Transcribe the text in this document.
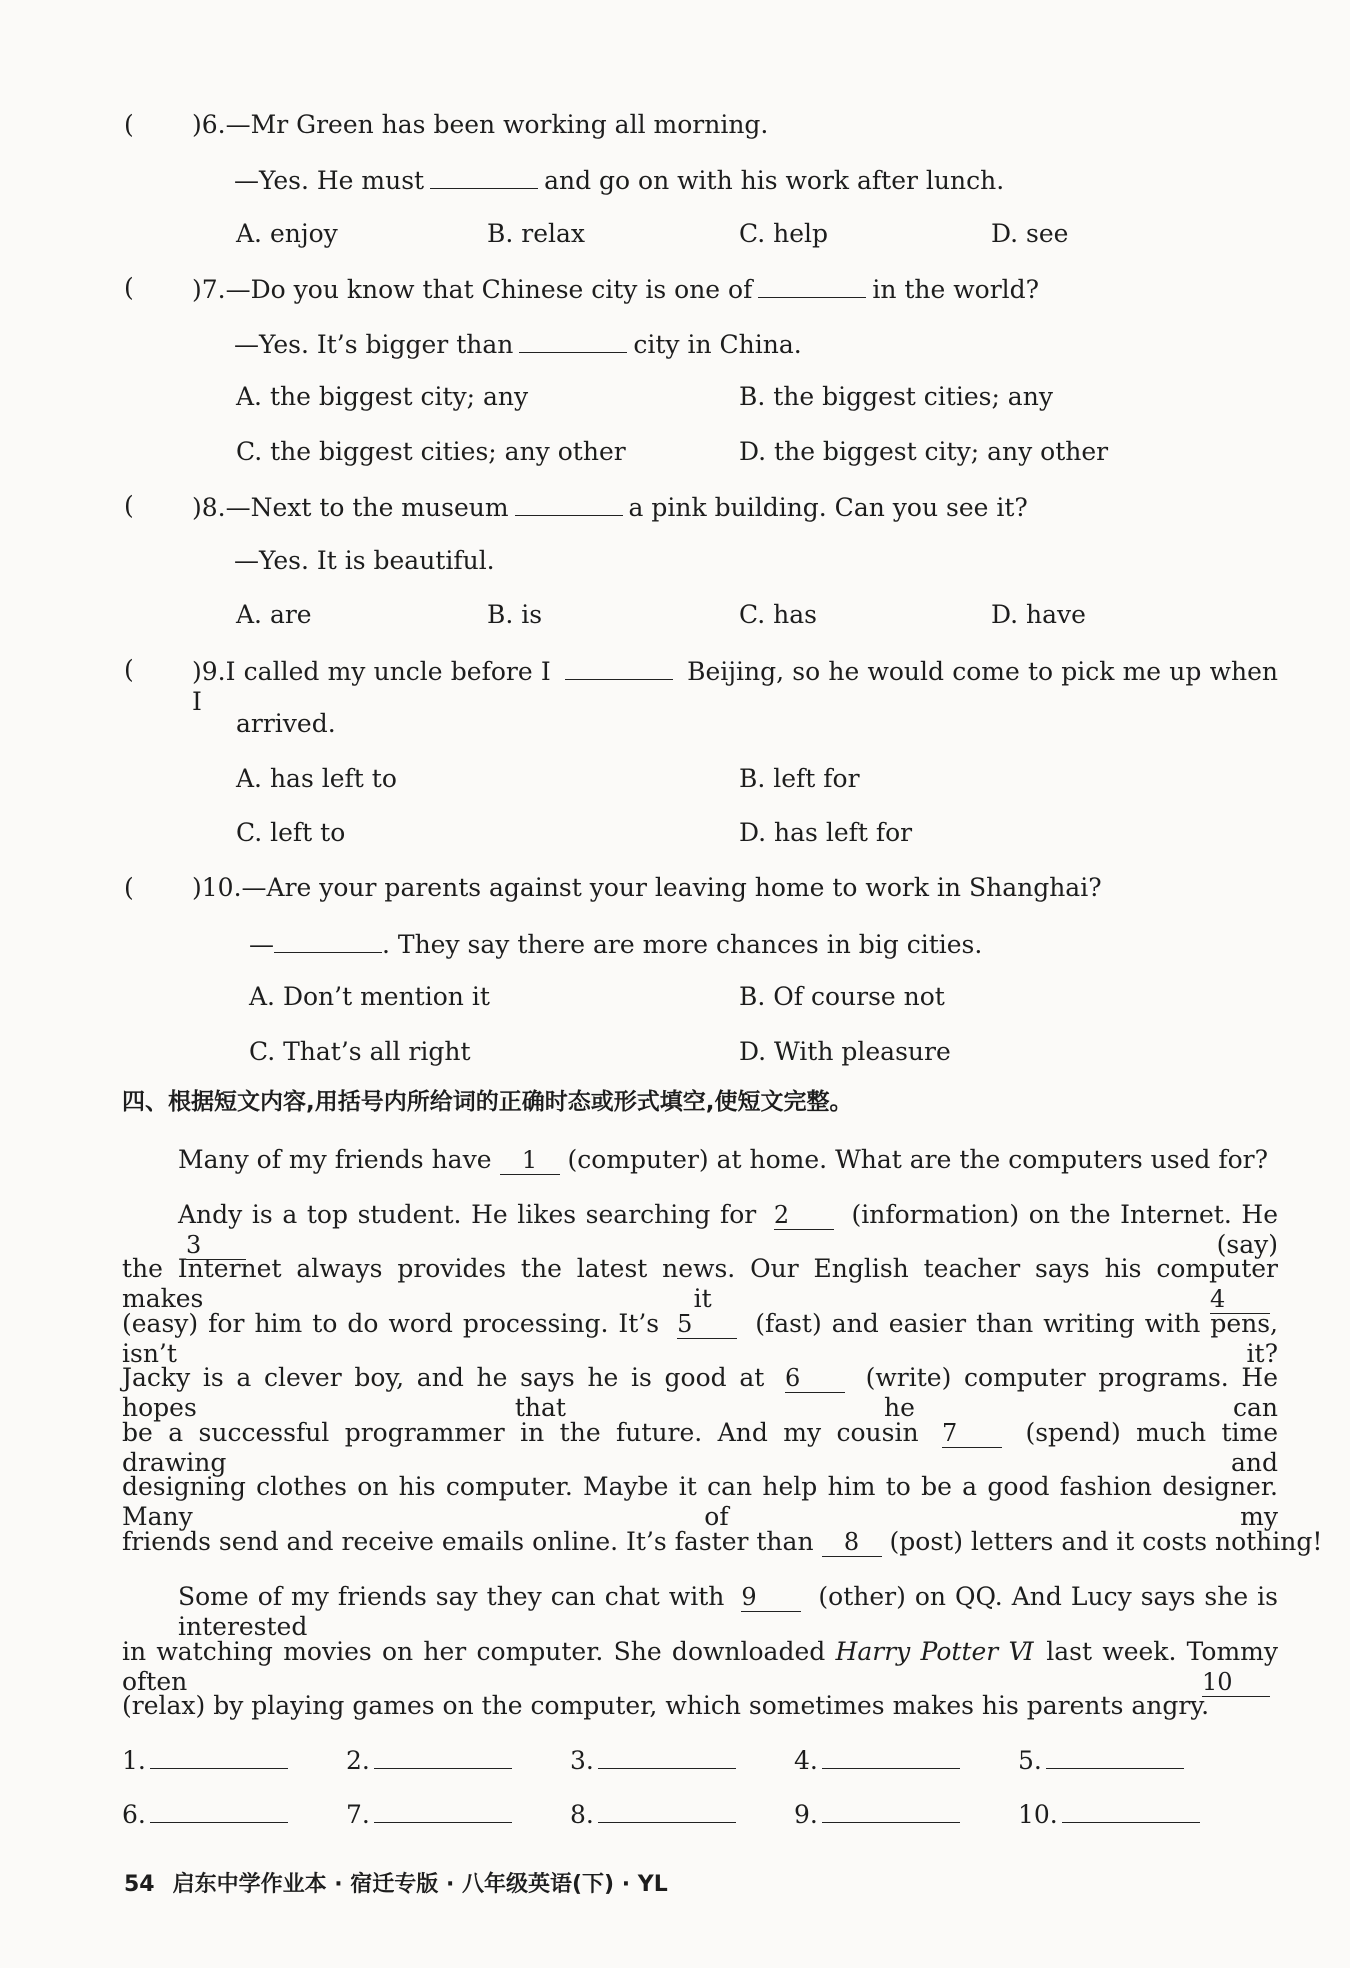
( )6.—Mr Green has been working all morning.
—Yes. He must	and go on with his work after lunch.
A. enjoy	B. relax	C. help	D. see
( )7.—Do you know that Chinese city is one of	in the world?
—Yes. It’s bigger than	city in China.
A. the biggest city; any	B. the biggest cities; any
C. the biggest cities; any other	D. the biggest city; any other
( )8.—Next to the museum	a pink building. Can you see it?
—Yes. It is beautiful.
A. are	B. is	C. has	D. have
( )9.I called my uncle before I	Beijing, so he would come to pick me up when I
arrived.
A. has left to	B. left for
C. left to	D. has left for
( )10.—Are your parents against your leaving home to work in Shanghai?
—	. They say there are more chances in big cities.
A. Don’t mention it	B. Of course not
C. That’s all right	D. With pleasure
四、根据短文内容,用括号内所给词的正确时态或形式填空,使短文完整。
Many of my friends have 1 (computer) at home. What are the computers used for?
Andy is a top student. He likes searching for 2 (information) on the Internet. He 3	(say)
the Internet always provides the latest news. Our English teacher says his computer makes it	4
(easy) for him to do word processing. It’s 5	(fast) and easier than writing with pens, isn’t it?
Jacky is a clever boy, and he says he is good at 6	(write) computer programs. He hopes that he can
be a successful programmer in the future. And my cousin 7	(spend) much time drawing and
designing clothes on his computer. Maybe it can help him to be a good fashion designer. Many of my
friends send and receive emails online. It’s faster than 8 (post) letters and it costs nothing!
Some of my friends say they can chat with 9 (other) on QQ. And Lucy says she is interested
in watching movies on her computer. She downloaded Harry Potter Ⅵ last week. Tommy often	10
(relax) by playing games on the computer, which sometimes makes his parents angry.
1.	2.	3.	4.	5.
6.	7.	8.	9.	10.
54 启东中学作业本 · 宿迁专版 · 八年级英语(下) · YL
